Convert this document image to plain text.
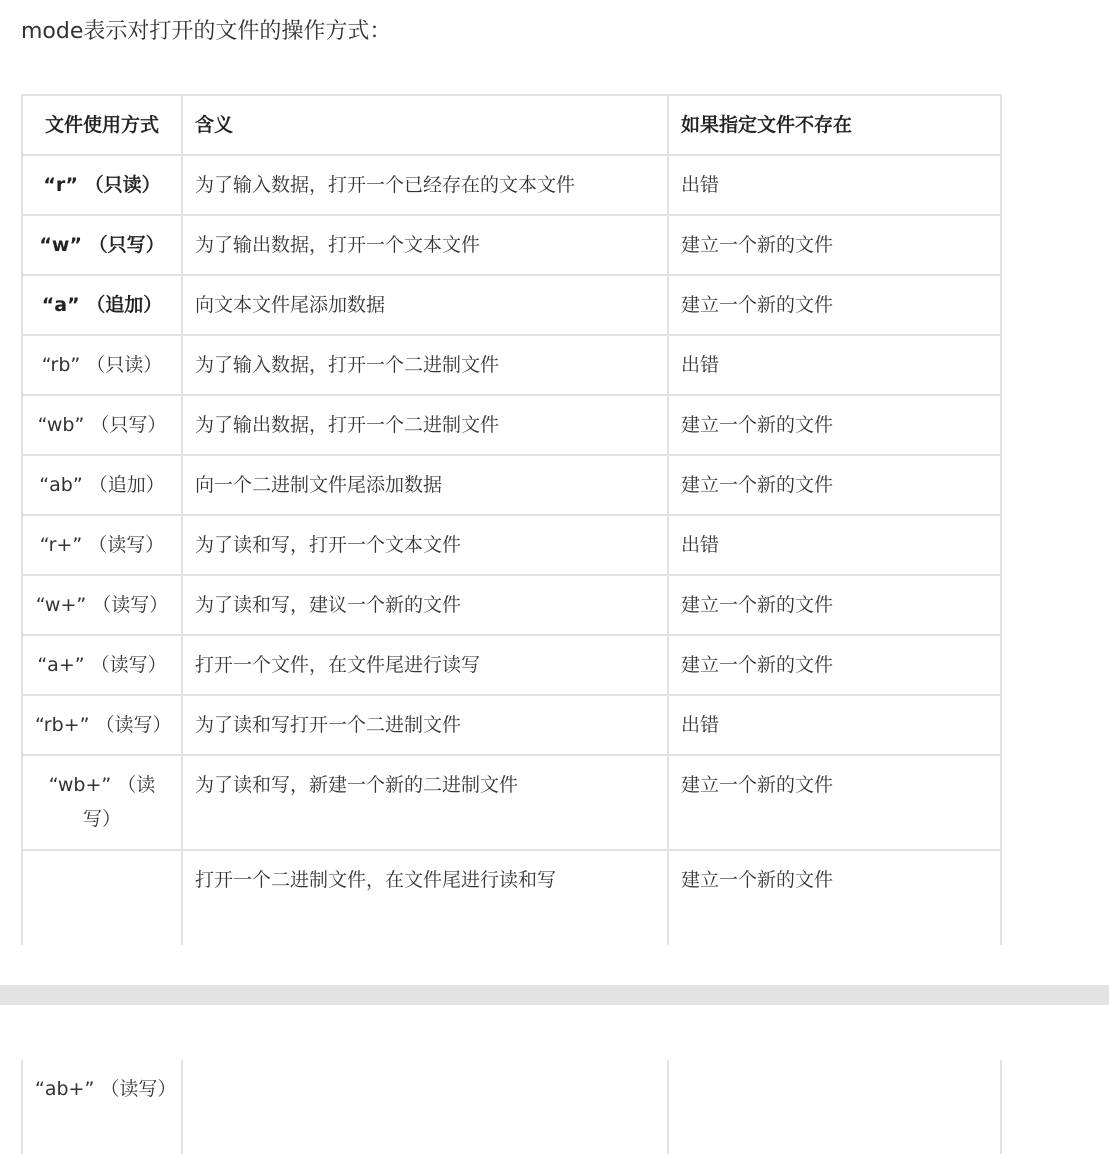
mode表示对打开的文件的操作方式：
文件使用方式	含义	如果指定文件不存在
“r” （只读）	为了输入数据，打开一个已经存在的文本文件	出错
“w” （只写）	为了输出数据，打开一个文本文件	建立一个新的文件
“a” （追加）	向文本文件尾添加数据	建立一个新的文件
“rb” （只读）	为了输入数据，打开一个二进制文件	出错
“wb” （只写）	为了输出数据，打开一个二进制文件	建立一个新的文件
“ab” （追加）	向一个二进制文件尾添加数据	建立一个新的文件
“r+” （读写）	为了读和写，打开一个文本文件	出错
“w+” （读写）	为了读和写，建议一个新的文件	建立一个新的文件
“a+” （读写）	打开一个文件，在文件尾进行读写	建立一个新的文件
“rb+” （读写）	为了读和写打开一个二进制文件	出错
“wb+” （读写）	为了读和写，新建一个新的二进制文件	建立一个新的文件
	打开一个二进制文件，在文件尾进行读和写	建立一个新的文件
“ab+” （读写）		
